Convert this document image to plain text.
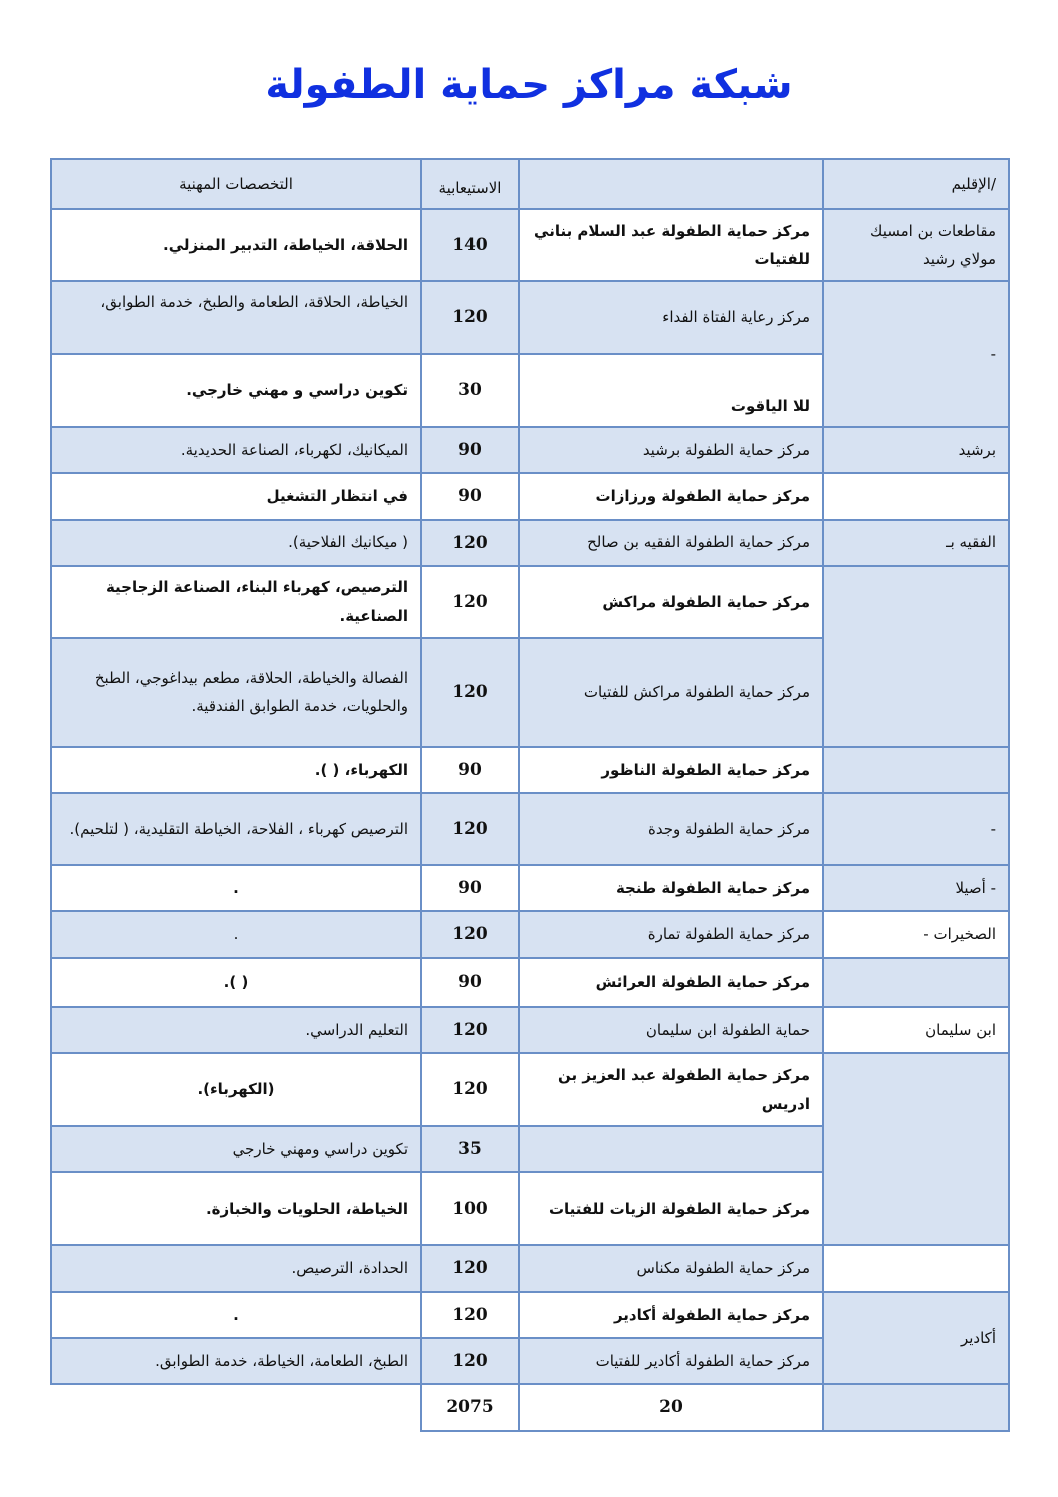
شبكة مراكز حماية الطفولة
/الإقليم		الاستيعابية	التخصصات المهنية
مقاطعات بن امسيك مولاي رشيد	مركز حماية الطفولة عبد السلام بناني للفتيات	140	الحلاقة، الخياطة، التدبير المنزلي.
-	مركز رعاية الفتاة الفداء	120	الخياطة، الحلاقة، الطعامة والطبخ، خدمة الطوابق،
	للا الياقوت	30	تكوين دراسي و مهني خارجي.
برشيد	مركز حماية الطفولة برشيد	90	الميكانيك، لكهرباء، الصناعة الحديدية.
	مركز حماية الطفولة ورزازات	90	في انتظار التشغيل
الفقيه بـ	مركز حماية الطفولة الفقيه بن صالح	120	( ميكانيك الفلاحية).
	مركز حماية الطفولة مراكش	120	الترصيص، كهرباء البناء، الصناعة الزجاجية الصناعية.
	مركز حماية الطفولة مراكش للفتيات	120	الفصالة والخياطة، الحلاقة، مطعم بيداغوجي، الطبخ والحلويات، خدمة الطوابق الفندقية.
	مركز حماية الطفولة الناظور	90	الكهرباء، ( ).
-	مركز حماية الطفولة وجدة	120	الترصيص كهرباء ، الفلاحة، الخياطة التقليدية، ( لتلحيم).
- أصيلا	مركز حماية الطفولة طنجة	90	.
الصخيرات -	مركز حماية الطفولة تمارة	120	.
	مركز حماية الطفولة العرائش	90	( ).
ابن سليمان	حماية الطفولة ابن سليمان	120	التعليم الدراسي.
	مركز حماية الطفولة عبد العزيز بن ادريس	120	(الكهرباء).
		35	تكوين دراسي ومهني خارجي
	مركز حماية الطفولة الزيات للفتيات	100	الخياطة، الحلويات والخبازة.
	مركز حماية الطفولة مكناس	120	الحدادة، الترصيص.
أكادير	مركز حماية الطفولة أكادير	120	.
	مركز حماية الطفولة أكادير للفتيات	120	الطبخ، الطعامة، الخياطة، خدمة الطوابق.
	20	2075	
